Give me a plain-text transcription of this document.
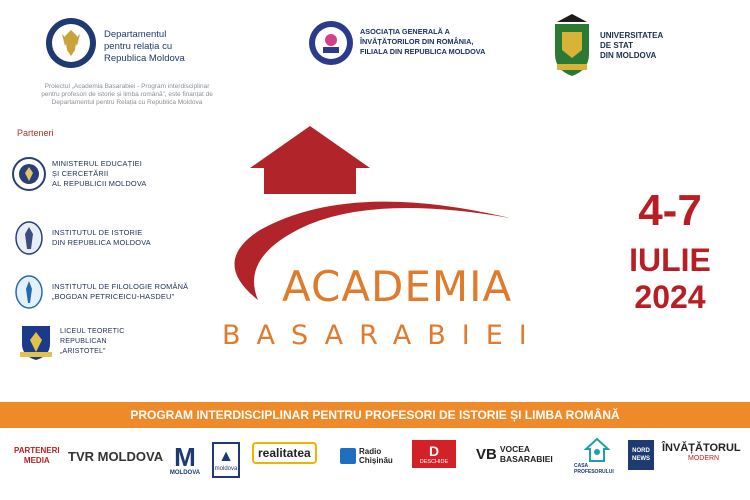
Departamentul
pentru relația cu
Republica Moldova
Proiectul „Academia Basarabiei - Program interdisciplinar
pentru profesori de istorie și limba română”, este finanțat de
Departamentul pentru Relația cu Republica Moldova
ASOCIAȚIA GENERALĂ A
ÎNVĂȚĂTORILOR DIN ROMÂNIA,
FILIALA DIN REPUBLICA MOLDOVA
UNIVERSITATEA
DE STAT
DIN MOLDOVA
Parteneri
MINISTERUL EDUCAȚIEI
ȘI CERCETĂRII
AL REPUBLICII MOLDOVA
INSTITUTUL DE ISTORIE
DIN REPUBLICA MOLDOVA
INSTITUTUL DE FILOLOGIE ROMÂNĂ
„BOGDAN PETRICEICU-HASDEU”
LICEUL TEORETIC
REPUBLICAN
„ARISTOTEL”
ACADEMIA
BASARABIEI
4-7
IULIE
2024
PROGRAM INTERDISCIPLINAR PENTRU PROFESORI DE ISTORIE ȘI LIMBA ROMÂNĂ
PARTENERI
MEDIA	TVR MOLDOVA M
MOLDOVA
▲
moldova
realitatea	Radio
Chișinău
D
DESCHIDE VB VOCEA
BASARABIEI
CASA PROFESORULUI
NORD
NEWS
ÎNVĂȚĂTORUL
MODERN
